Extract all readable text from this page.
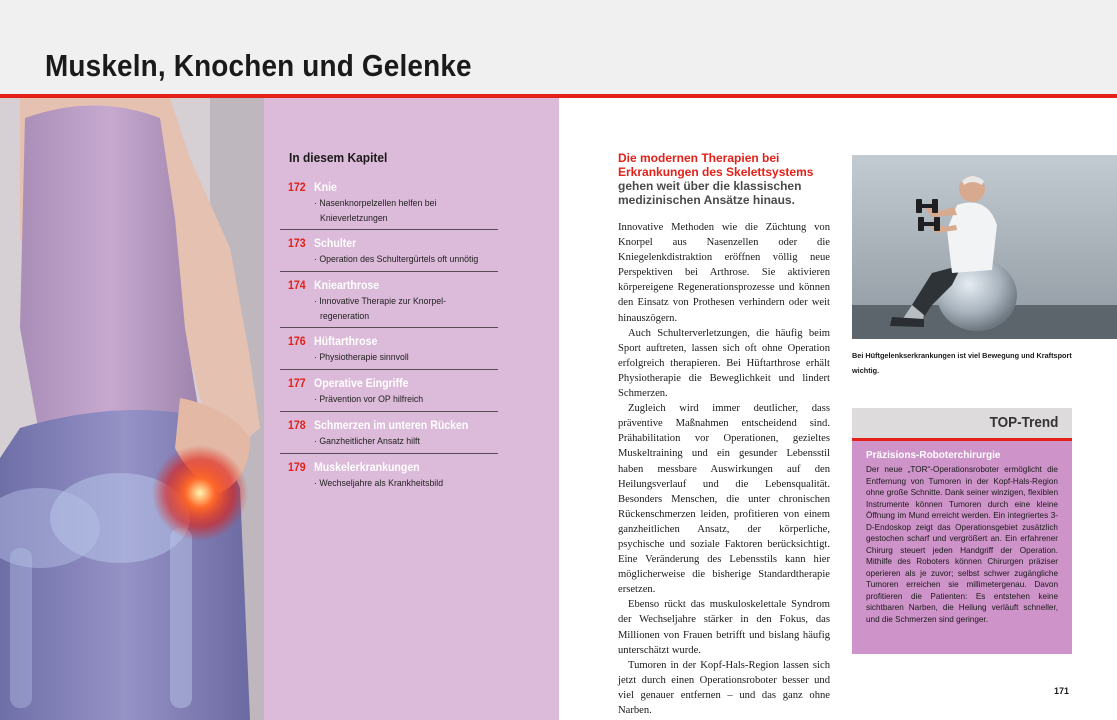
Muskeln, Knochen und Gelenke
In diesem Kapitel
172 Knie
· Nasenknorpelzellen helfen bei
Knieverletzungen
173 Schulter
· Operation des Schultergürtels oft unnötig
174 Kniearthrose
· Innovative Therapie zur Knorpel-
regeneration
176 Hüftarthrose
· Physiotherapie sinnvoll
177 Operative Eingriffe
· Prävention vor OP hilfreich
178 Schmerzen im unteren Rücken
· Ganzheitlicher Ansatz hilft
179 Muskelerkrankungen
· Wechseljahre als Krankheitsbild
Die modernen Therapien bei Erkrankungen des Skelettsystems gehen weit über die klassischen medizinischen Ansätze hinaus.

Innovative Methoden wie die Züchtung von Knorpel aus Nasenzellen oder die Kniegelenkdistraktion eröffnen völlig neue Perspektiven bei Arthrose. Sie aktivieren körpereigene Regenerationsprozesse und können den Einsatz von Prothesen verhindern oder weit hinauszögern.

Auch Schulterverletzungen, die häufig beim Sport auftreten, lassen sich oft ohne Operation erfolgreich therapieren. Bei Hüftarthrose erhält Physiotherapie die Beweglichkeit und lindert Schmerzen.

Zugleich wird immer deutlicher, dass präventive Maßnahmen entscheidend sind. Prähabilitation vor Operationen, gezieltes Muskeltraining und ein gesunder Lebensstil haben messbare Auswirkungen auf den Heilungsverlauf und die Lebensqualität. Besonders Menschen, die unter chronischen Rückenschmerzen leiden, profitieren von einem ganzheitlichen Ansatz, der körperliche, psychische und soziale Faktoren berücksichtigt. Eine Veränderung des Lebensstils kann hier möglicherweise die bisherige Standardtherapie ersetzen.

Ebenso rückt das muskuloskelettale Syndrom der Wechseljahre stärker in den Fokus, das Millionen von Frauen betrifft und bislang häufig unterschätzt wurde.

Tumoren in der Kopf-Hals-Region lassen sich jetzt durch einen Operationsroboter besser und viel genauer entfernen – und das ganz ohne Narben.

Bei Hüftgelenkserkrankungen ist viel Bewegung und Kraftsport wichtig.
TOP-Trend
Präzisions-Roboterchirurgie
Der neue „TOR“-Operationsroboter ermöglicht die Entfernung von Tumoren in der Kopf-Hals-Region ohne große Schnitte. Dank seiner winzigen, flexiblen Instrumente können Tumoren durch eine kleine Öffnung im Mund erreicht werden. Ein integriertes 3-D-Endoskop zeigt das Operationsgebiet zusätzlich gestochen scharf und vergrößert an. Ein erfahrener Chirurg steuert jeden Handgriff der Operation. Mithilfe des Roboters können Chirurgen präziser operieren als je zuvor; selbst schwer zugängliche Tumoren erreichen sie millimetergenau. Davon profitieren die Patienten: Es entstehen keine sichtbaren Narben, die Heilung verläuft schneller, und die Schmerzen sind geringer.
171
